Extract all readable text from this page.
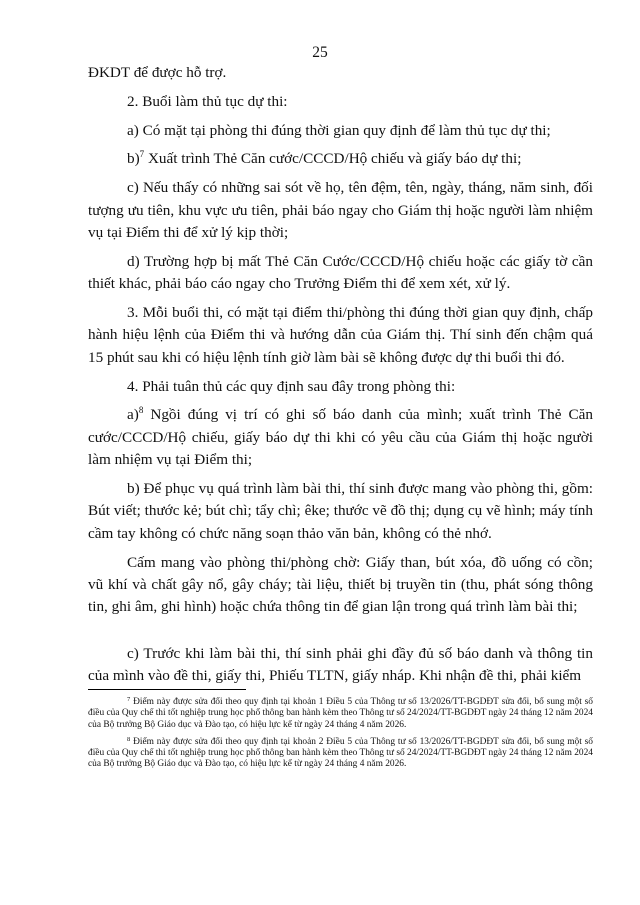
25

ĐKDT để được hỗ trợ.

2. Buổi làm thủ tục dự thi:

a) Có mặt tại phòng thi đúng thời gian quy định để làm thủ tục dự thi;

b)$^7$ Xuất trình Thẻ Căn cước/CCCD/Hộ chiếu và giấy báo dự thi;

c) Nếu thấy có những sai sót về họ, tên đệm, tên, ngày, tháng, năm sinh, đối tượng ưu tiên, khu vực ưu tiên, phải báo ngay cho Giám thị hoặc người làm nhiệm vụ tại Điểm thi để xử lý kịp thời;

d) Trường hợp bị mất Thẻ Căn Cước/CCCD/Hộ chiếu hoặc các giấy tờ cần thiết khác, phải báo cáo ngay cho Trưởng Điểm thi để xem xét, xử lý.

3. Mỗi buổi thi, có mặt tại điểm thi/phòng thi đúng thời gian quy định, chấp hành hiệu lệnh của Điểm thi và hướng dẫn của Giám thị. Thí sinh đến chậm quá 15 phút sau khi có hiệu lệnh tính giờ làm bài sẽ không được dự thi buổi thi đó.

4. Phải tuân thủ các quy định sau đây trong phòng thi:

a)$^8$ Ngồi đúng vị trí có ghi số báo danh của mình; xuất trình Thẻ Căn cước/CCCD/Hộ chiếu, giấy báo dự thi khi có yêu cầu của Giám thị hoặc người làm nhiệm vụ tại Điểm thi;

b) Để phục vụ quá trình làm bài thi, thí sinh được mang vào phòng thi, gồm: Bút viết; thước kẻ; bút chì; tẩy chì; êke; thước vẽ đồ thị; dụng cụ vẽ hình; máy tính cầm tay không có chức năng soạn thảo văn bản, không có thẻ nhớ.

Cấm mang vào phòng thi/phòng chờ: Giấy than, bút xóa, đồ uống có cồn; vũ khí và chất gây nổ, gây cháy; tài liệu, thiết bị truyền tin (thu, phát sóng thông tin, ghi âm, ghi hình) hoặc chứa thông tin để gian lận trong quá trình làm bài thi;

c) Trước khi làm bài thi, thí sinh phải ghi đầy đủ số báo danh và thông tin của mình vào đề thi, giấy thi, Phiếu TLTN, giấy nháp. Khi nhận đề thi, phải kiểm

$^7$ Điểm này được sửa đổi theo quy định tại khoản 1 Điều 5 của Thông tư số 13/2026/TT-BGDĐT sửa đổi, bổ sung một số điều của Quy chế thi tốt nghiệp trung học phổ thông ban hành kèm theo Thông tư số 24/2024/TT-BGDĐT ngày 24 tháng 12 năm 2024 của Bộ trưởng Bộ Giáo dục và Đào tạo, có hiệu lực kể từ ngày 24 tháng 4 năm 2026.

$^8$ Điểm này được sửa đổi theo quy định tại khoản 2 Điều 5 của Thông tư số 13/2026/TT-BGDĐT sửa đổi, bổ sung một số điều của Quy chế thi tốt nghiệp trung học phổ thông ban hành kèm theo Thông tư số 24/2024/TT-BGDĐT ngày 24 tháng 12 năm 2024 của Bộ trưởng Bộ Giáo dục và Đào tạo, có hiệu lực kể từ ngày 24 tháng 4 năm 2026.
